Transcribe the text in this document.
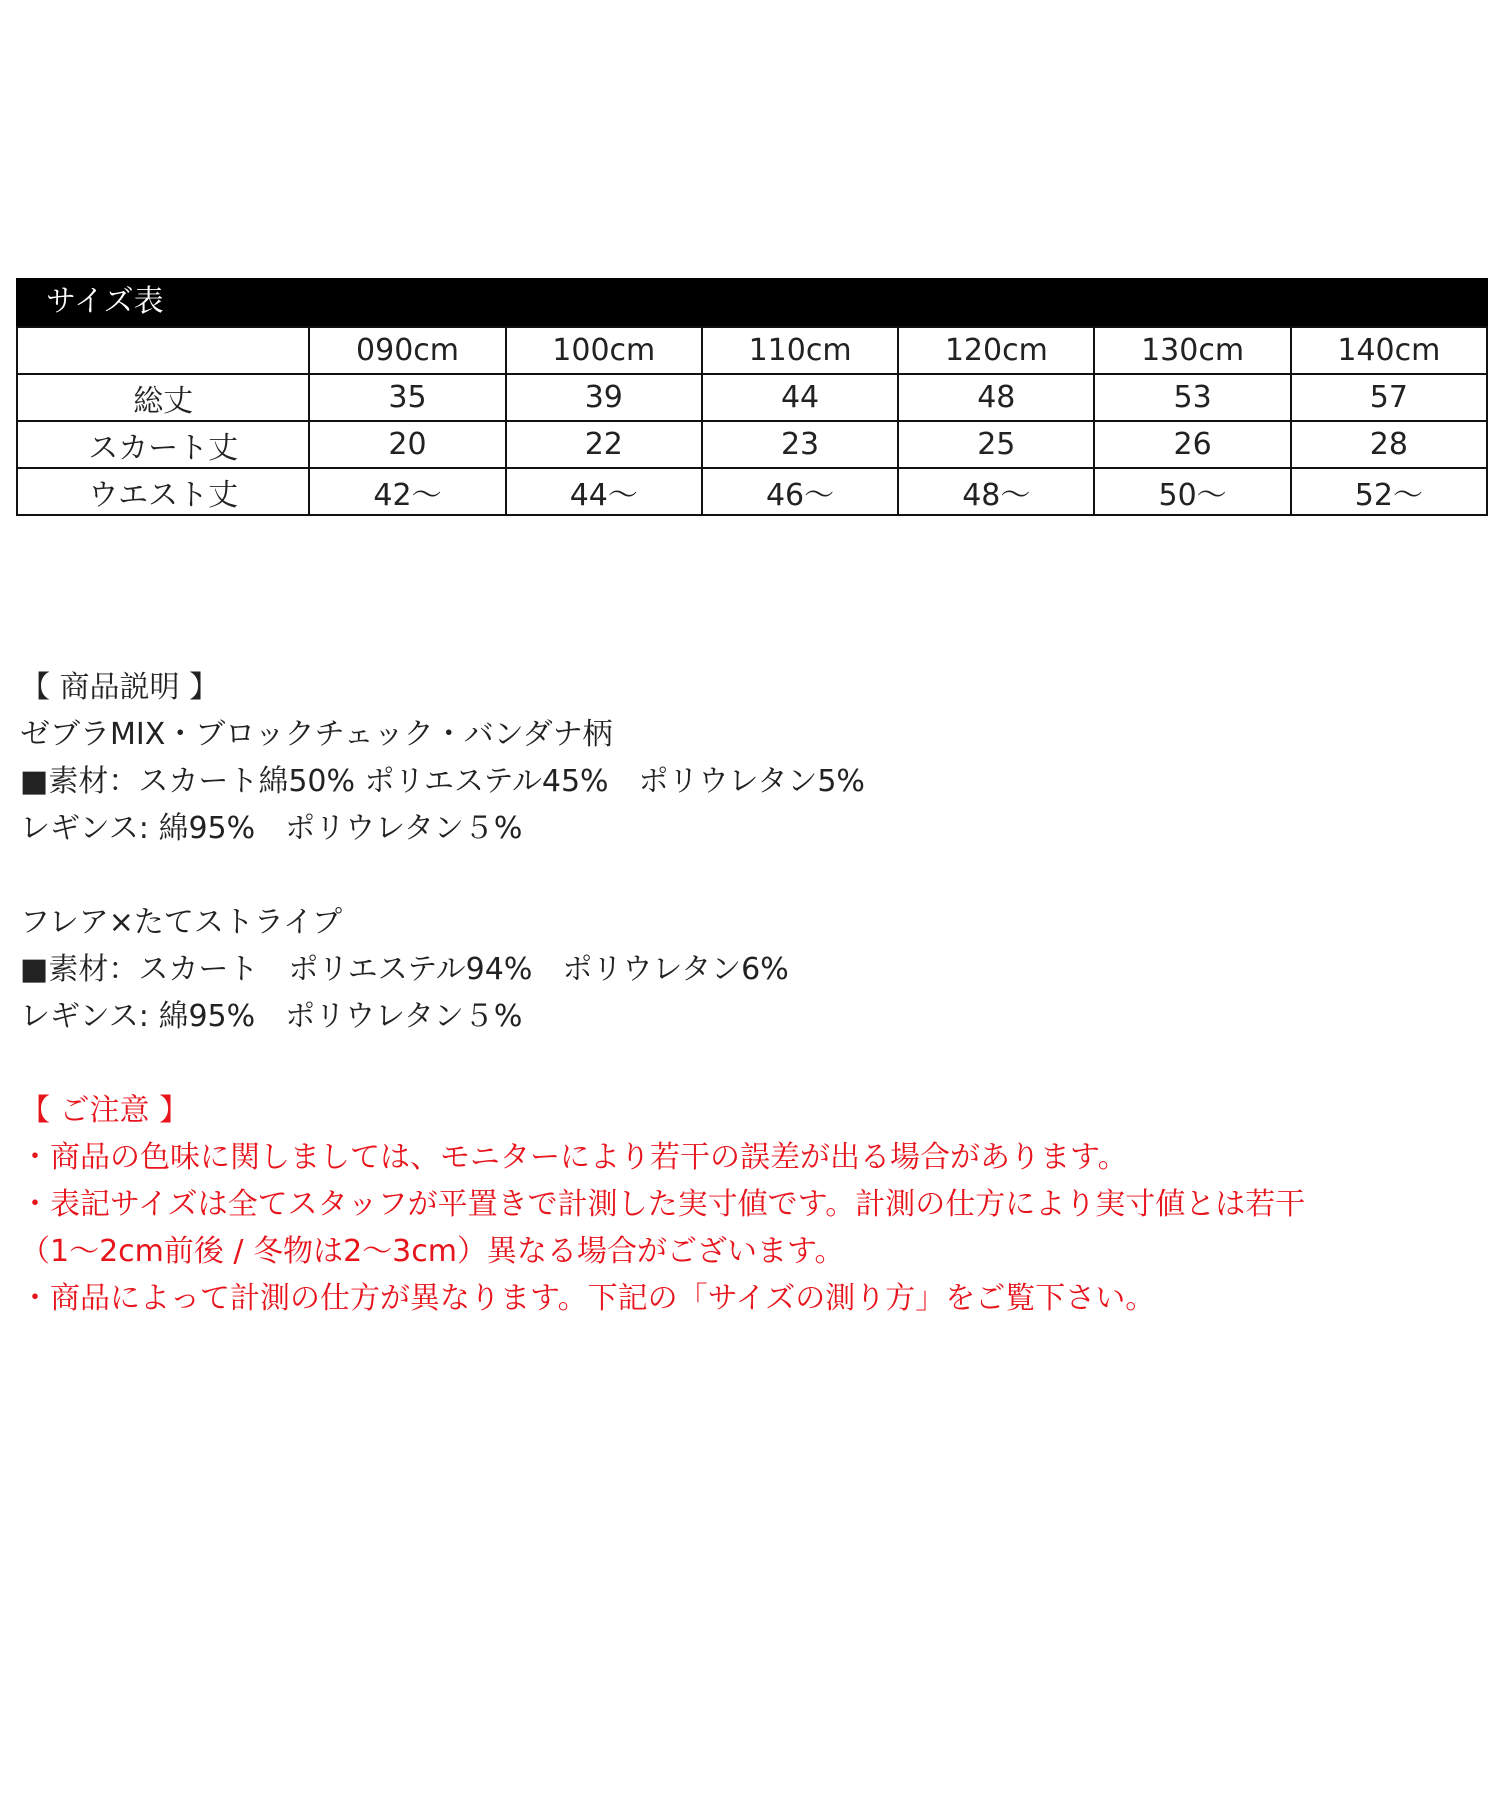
サイズ表
	090cm	100cm	110cm	120cm	130cm	140cm
総丈	35	39	44	48	53	57
スカート丈	20	22	23	25	26	28
ウエスト丈	42～	44～	46～	48～	50～	52～

【 商品説明 】

ゼブラMIX・ブロックチェック・バンダナ柄

■素材：スカート綿50% ポリエステル45%　ポリウレタン5%

レギンス: 綿95%　ポリウレタン５%

フレア×たてストライプ

■素材：スカート　ポリエステル94%　ポリウレタン6%

レギンス: 綿95%　ポリウレタン５%

【 ご注意 】

・商品の色味に関しましては、モニターにより若干の誤差が出る場合があります。

・表記サイズは全てスタッフが平置きで計測した実寸値です。計測の仕方により実寸値とは若干

（1～2cm前後 / 冬物は2～3cm）異なる場合がございます。

・商品によって計測の仕方が異なります。下記の「サイズの測り方」をご覧下さい。
